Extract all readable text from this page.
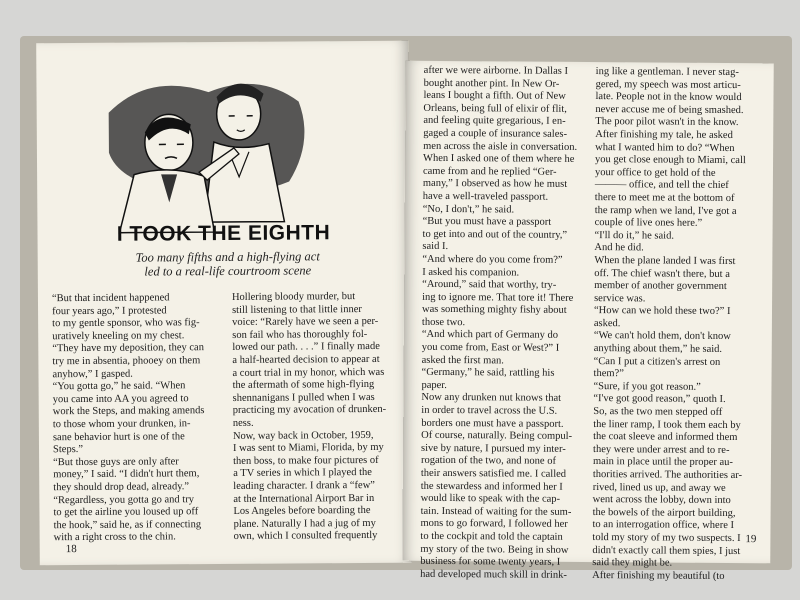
I TOOK THE EIGHTH
Too many fifths and a high-flying act
led to a real-life courtroom scene
“But that incident happened
four years ago,” I protested
to my gentle sponsor, who was fig-
uratively kneeling on my chest.
“They have my deposition, they can
try me in absentia, phooey on them
anyhow,” I gasped.
“You gotta go,” he said. “When
you came into AA you agreed to
work the Steps, and making amends
to those whom your drunken, in-
sane behavior hurt is one of the
Steps.”
“But those guys are only after
money,” I said. “I didn't hurt them,
they should drop dead, already.”
“Regardless, you gotta go and try
to get the airline you loused up off
the hook,” said he, as if connecting
with a right cross to the chin.
Hollering bloody murder, but
still listening to that little inner
voice: “Rarely have we seen a per-
son fail who has thoroughly fol-
lowed our path. . . .” I finally made
a half-hearted decision to appear at
a court trial in my honor, which was
the aftermath of some high-flying
shennanigans I pulled when I was
practicing my avocation of drunken-
ness.
Now, way back in October, 1959,
I was sent to Miami, Florida, by my
then boss, to make four pictures of
a TV series in which I played the
leading character. I drank a “few”
at the International Airport Bar in
Los Angeles before boarding the
plane. Naturally I had a jug of my
own, which I consulted frequently
18
after we were airborne. In Dallas I
bought another pint. In New Or-
leans I bought a fifth. Out of New
Orleans, being full of elixir of flit,
and feeling quite gregarious, I en-
gaged a couple of insurance sales-
men across the aisle in conversation.
When I asked one of them where he
came from and he replied “Ger-
many,” I observed as how he must
have a well-traveled passport.
“No, I don't,” he said.
“But you must have a passport
to get into and out of the country,”
said I.
“And where do you come from?”
I asked his companion.
“Around,” said that worthy, try-
ing to ignore me. That tore it! There
was something mighty fishy about
those two.
“And which part of Germany do
you come from, East or West?” I
asked the first man.
“Germany,” he said, rattling his
paper.
Now any drunken nut knows that
in order to travel across the U.S.
borders one must have a passport.
Of course, naturally. Being compul-
sive by nature, I pursued my inter-
rogation of the two, and none of
their answers satisfied me. I called
the stewardess and informed her I
would like to speak with the cap-
tain. Instead of waiting for the sum-
mons to go forward, I followed her
to the cockpit and told the captain
my story of the two. Being in show
business for some twenty years, I
had developed much skill in drink-
ing like a gentleman. I never stag-
gered, my speech was most articu-
late. People not in the know would
never accuse me of being smashed.
The poor pilot wasn't in the know.
After finishing my tale, he asked
what I wanted him to do? “When
you get close enough to Miami, call
your office to get hold of the
——— office, and tell the chief
there to meet me at the bottom of
the ramp when we land, I've got a
couple of live ones here.”
“I'll do it,” he said.
And he did.
When the plane landed I was first
off. The chief wasn't there, but a
member of another government
service was.
“How can we hold these two?” I
asked.
“We can't hold them, don't know
anything about them,” he said.
“Can I put a citizen's arrest on
them?”
“Sure, if you got reason.”
“I've got good reason,” quoth I.
So, as the two men stepped off
the liner ramp, I took them each by
the coat sleeve and informed them
they were under arrest and to re-
main in place until the proper au-
thorities arrived. The authorities ar-
rived, lined us up, and away we
went across the lobby, down into
the bowels of the airport building,
to an interrogation office, where I
told my story of my two suspects. I
didn't exactly call them spies, I just
said they might be.
After finishing my beautiful (to
19
